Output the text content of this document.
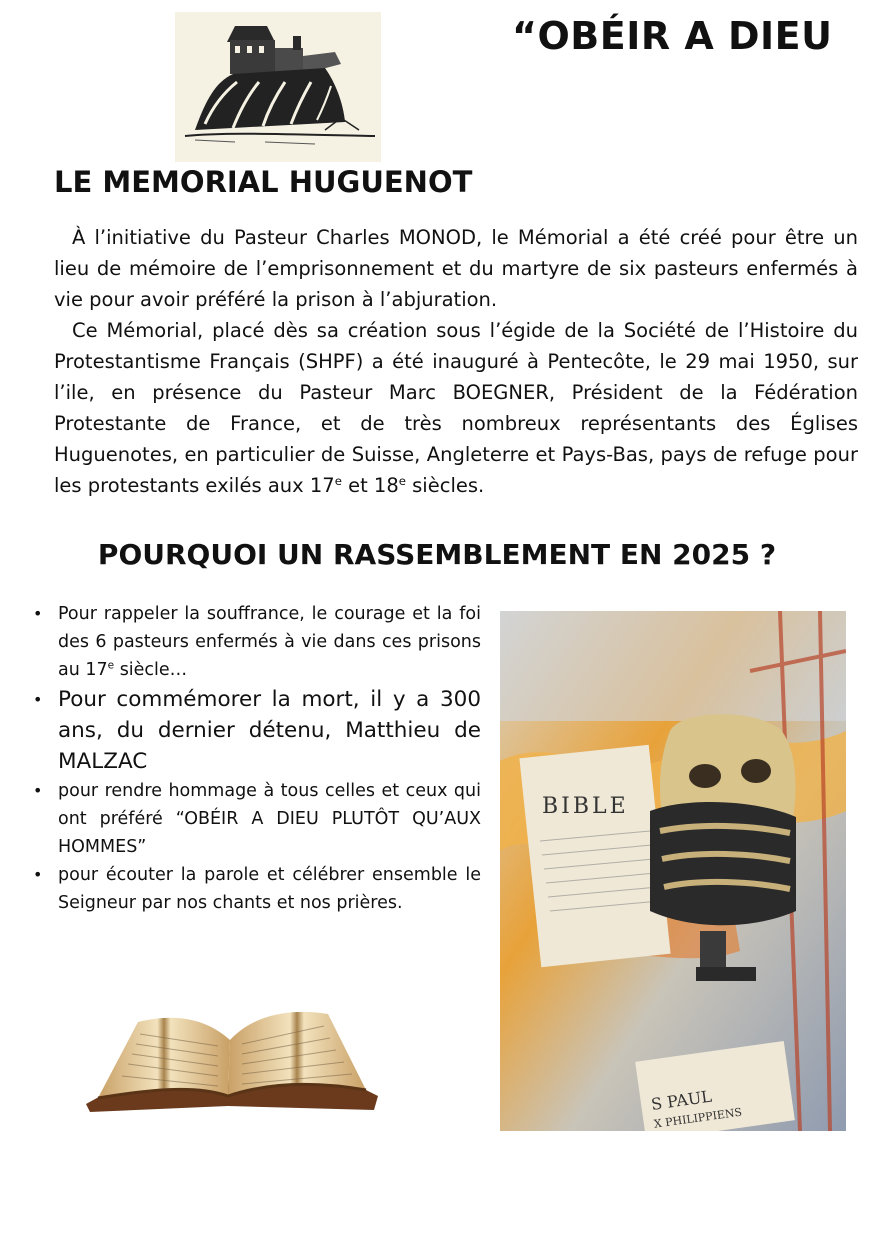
“OBÉIR A DIEU
LE MEMORIAL HUGUENOT

À l’initiative du Pasteur Charles MONOD, le Mémorial a été créé pour être un lieu de mémoire de l’emprisonnement et du martyre de six pasteurs enfermés à vie pour avoir préféré la prison à l’abjuration.

Ce Mémorial, placé dès sa création sous l’égide de la Société de l’Histoire du Protestantisme Français (SHPF) a été inauguré à Pentecôte, le 29 mai 1950, sur l’ile, en présence du Pasteur Marc BOEGNER, Président de la Fédération Protestante de France, et de très nombreux représentants des Églises Huguenotes, en particulier de Suisse, Angleterre et Pays-Bas, pays de refuge pour les protestants exilés aux 17e et 18e siècles.

POURQUOI UN RASSEMBLEMENT EN 2025 ?
• Pour rappeler la souffrance, le courage et la foi des 6 pasteurs enfermés à vie dans ces prisons au 17e siècle…
• Pour commémorer la mort, il y a 300 ans, du dernier détenu, Matthieu de MALZAC
• pour rendre hommage à tous celles et ceux qui ont préféré “OBÉIR A DIEU PLUTÔT QU’AUX HOMMES”
• pour écouter la parole et célébrer ensemble le Seigneur par nos chants et nos prières.
BIBLE
S PAUL
X PHILIPPIENS
